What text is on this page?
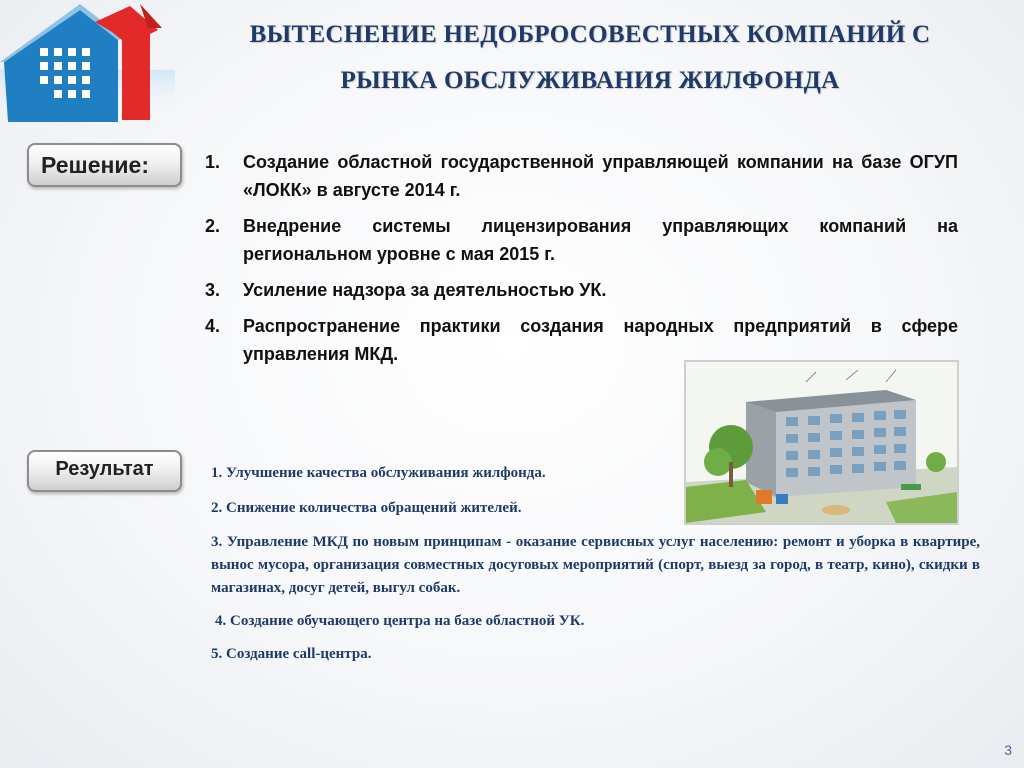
ВЫТЕСНЕНИЕ НЕДОБРОСОВЕСТНЫХ КОМПАНИЙ С
РЫНКА ОБСЛУЖИВАНИЯ ЖИЛФОНДА
Решение:	1.	Создание областной государственной управляющей компании на базе ОГУП «ЛОКК» в августе 2014 г.
2.	Внедрение системы лицензирования управляющих компаний на региональном уровне с мая 2015 г.
3.	Усиление надзора за деятельностью УК.
4.	Распространение практики создания народных предприятий в сфере управления МКД.
Результат	1. Улучшение качества обслуживания жилфонда.

2. Снижение количества обращений жителей.

3. Управление МКД по новым принципам - оказание сервисных услуг населению: ремонт и уборка в квартире, вынос мусора, организация совместных досуговых мероприятий (спорт, выезд за город, в театр, кино), скидки в магазинах, досуг детей, выгул собак.

4. Создание обучающего центра на базе областной УК.

5. Создание call-центра.

3
